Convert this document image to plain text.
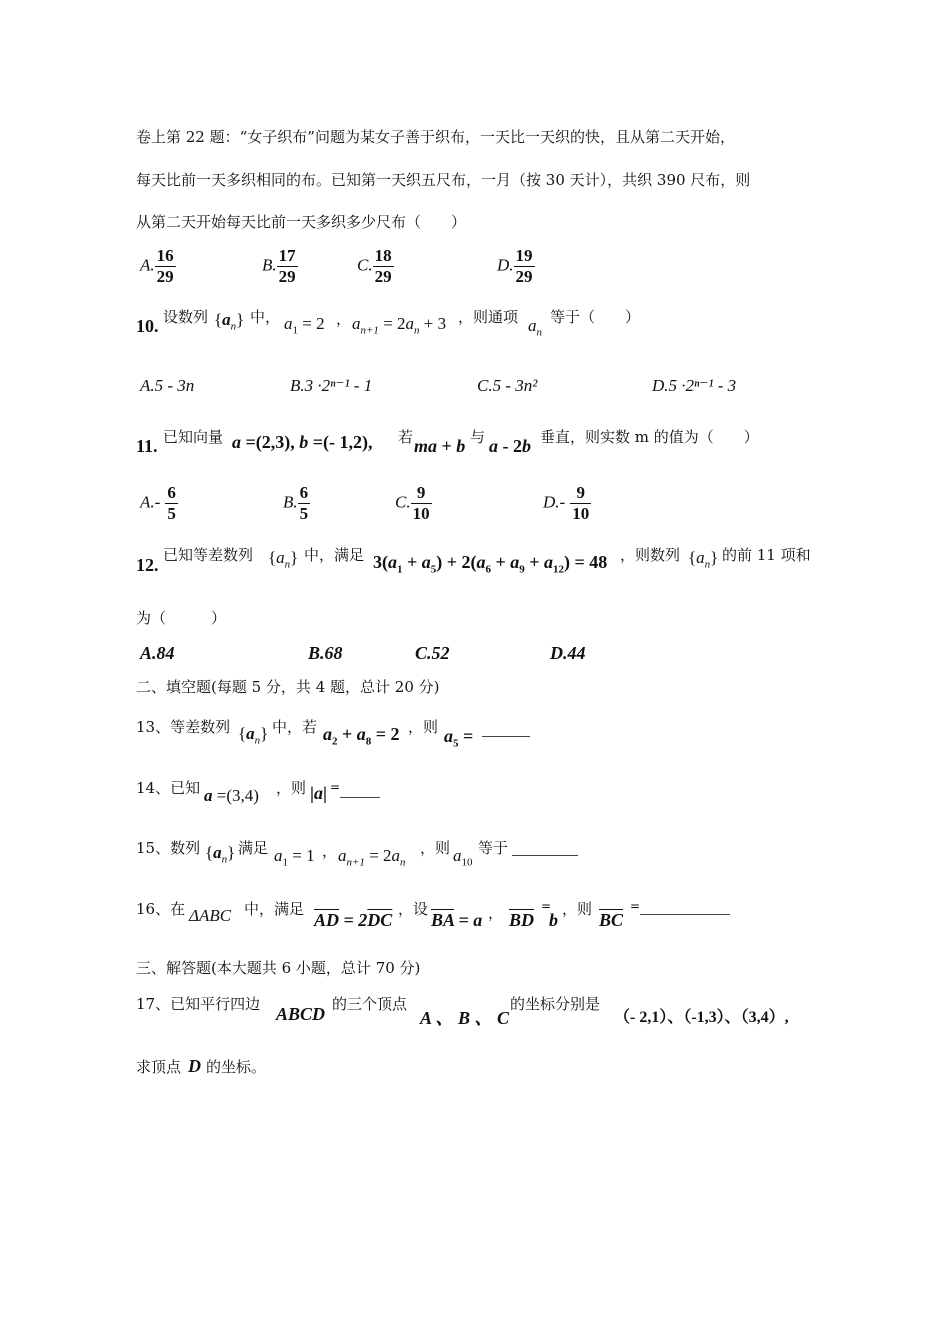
卷上第 22 题：“女子织布”问题为某女子善于织布，一天比一天织的快，且从第二天开始，
每天比前一天多织相同的布。已知第一天织五尺布，一月（按 30 天计），共织 390 尺布，则
从第二天开始每天比前一天多织多少尺布（　　）
A. $\frac{16}{29}$	B. $\frac{17}{29}$	C. $\frac{18}{29}$	D. $\frac{19}{29}$
10. 设数列 $\{a_n\}$ 中， $a_1 = 2$ ， $a_{n+1} = 2a_n + 3$ ，则通项 $a_n$
等于（　　）
A.5 - 3n	B.3 ·2ⁿ⁻¹ - 1	C.5 - 3n²	D.5 ·2ⁿ⁻¹ - 3
11. 已知向量 a =(2,3), b =(- 1,2), 若 ma + b 与 a - 2b 垂直，则实数 m 的值为（　　）
$A.- \frac{6}{5}$	B. $\frac{6}{5}$	C. $\frac{9}{10}$	$D.- \frac{9}{10}$
12. 已知等差数列 $\{a_n\}$ 中，满足 $3(a_1 + a_5) + 2(a_6 + a_9 + a_{12}) = 48$ ，则数列 $\{a_n\}$ 的前 11 项和
为（　　　）
A.84	B.68	C.52	D.44
二、填空题(每题 5 分，共 4 题，总计 20 分)
13、等差数列 $\{a_n\}$ 中，若 $a_2 + a_8 = 2$ ，则 $a_5$ =
14、已知 a =(3,4) ，则 |a| =
15、数列 $\{a_n\}$ 满足 $a_1 = 1$ ， $a_{n+1} = 2a_n$
，则 $a_{10}$
等于
16、在 ΔABC 中，满足
$\overline{AD} = 2\overline{DC}$
，设
$\overline{BA} = a$ ， $\overline{BD}$
=
b
，则
$\overline{BC}$
=
三、解答题(本大题共 6 小题，总计 70 分)
17、已知平行四边 ABCD 的三个顶点
A 、 B 、 C
的坐标分别是
（- 2,1）、（-1,3）、（3,4）,
求顶点 D 的坐标。
